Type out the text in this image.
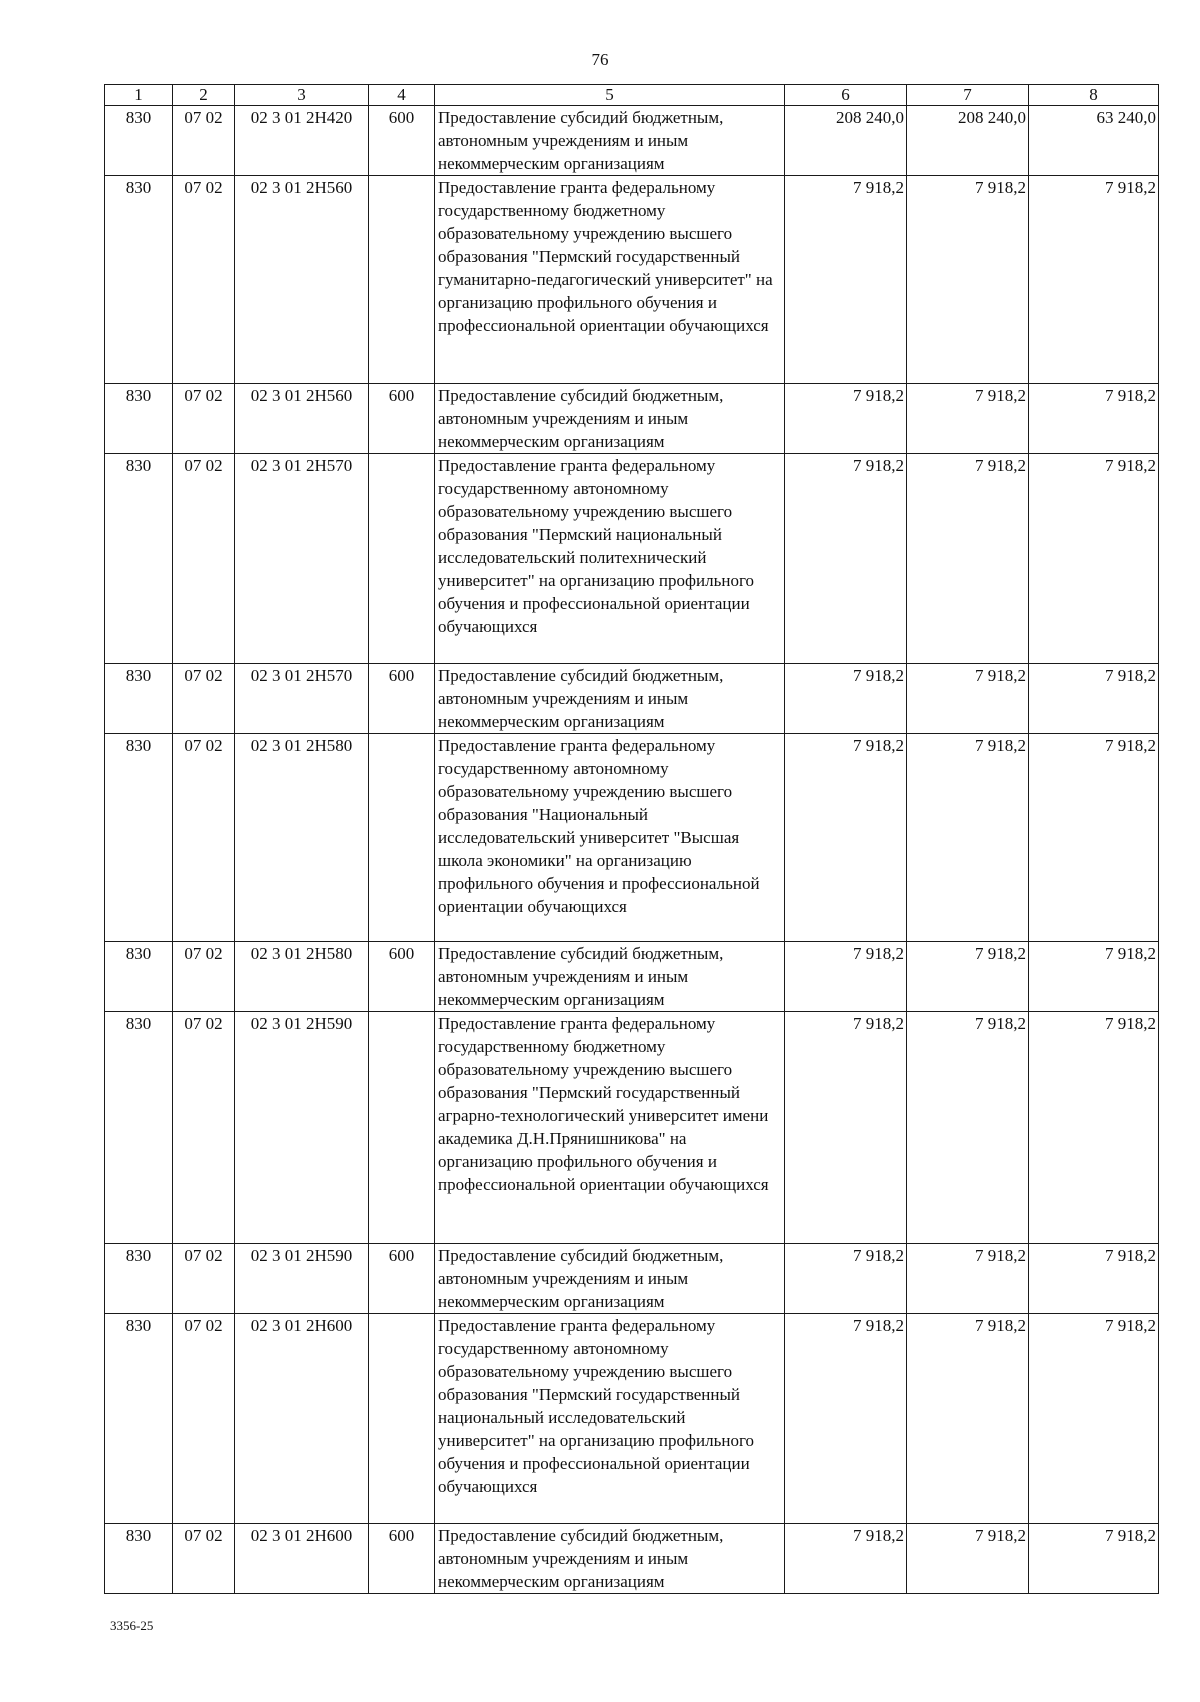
76
1	2	3	4	5	6	7	8
830	07 02	02 3 01 2Н420	600	Предоставление субсидий бюджетным, автономным учреждениям и иным некоммерческим организациям	208 240,0	208 240,0	63 240,0
830	07 02	02 3 01 2Н560		Предоставление гранта федеральному государственному бюджетному образовательному учреждению высшего образования "Пермский государственный гуманитарно-педагогический университет" на организацию профильного обучения и профессиональной ориентации обучающихся	7 918,2	7 918,2	7 918,2
830	07 02	02 3 01 2Н560	600	Предоставление субсидий бюджетным, автономным учреждениям и иным некоммерческим организациям	7 918,2	7 918,2	7 918,2
830	07 02	02 3 01 2Н570		Предоставление гранта федеральному государственному автономному образовательному учреждению высшего образования "Пермский национальный исследовательский политехнический университет" на организацию профильного обучения и профессиональной ориентации обучающихся	7 918,2	7 918,2	7 918,2
830	07 02	02 3 01 2Н570	600	Предоставление субсидий бюджетным, автономным учреждениям и иным некоммерческим организациям	7 918,2	7 918,2	7 918,2
830	07 02	02 3 01 2Н580		Предоставление гранта федеральному государственному автономному образовательному учреждению высшего образования "Национальный исследовательский университет "Высшая школа экономики" на организацию профильного обучения и профессиональной ориентации обучающихся	7 918,2	7 918,2	7 918,2
830	07 02	02 3 01 2Н580	600	Предоставление субсидий бюджетным, автономным учреждениям и иным некоммерческим организациям	7 918,2	7 918,2	7 918,2
830	07 02	02 3 01 2Н590		Предоставление гранта федеральному государственному бюджетному образовательному учреждению высшего образования "Пермский государственный аграрно-технологический университет имени академика Д.Н.Прянишникова" на организацию профильного обучения и профессиональной ориентации обучающихся	7 918,2	7 918,2	7 918,2
830	07 02	02 3 01 2Н590	600	Предоставление субсидий бюджетным, автономным учреждениям и иным некоммерческим организациям	7 918,2	7 918,2	7 918,2
830	07 02	02 3 01 2Н600		Предоставление гранта федеральному государственному автономному образовательному учреждению высшего образования "Пермский государственный национальный исследовательский университет" на организацию профильного обучения и профессиональной ориентации обучающихся	7 918,2	7 918,2	7 918,2
830	07 02	02 3 01 2Н600	600	Предоставление субсидий бюджетным, автономным учреждениям и иным некоммерческим организациям	7 918,2	7 918,2	7 918,2
3356-25
